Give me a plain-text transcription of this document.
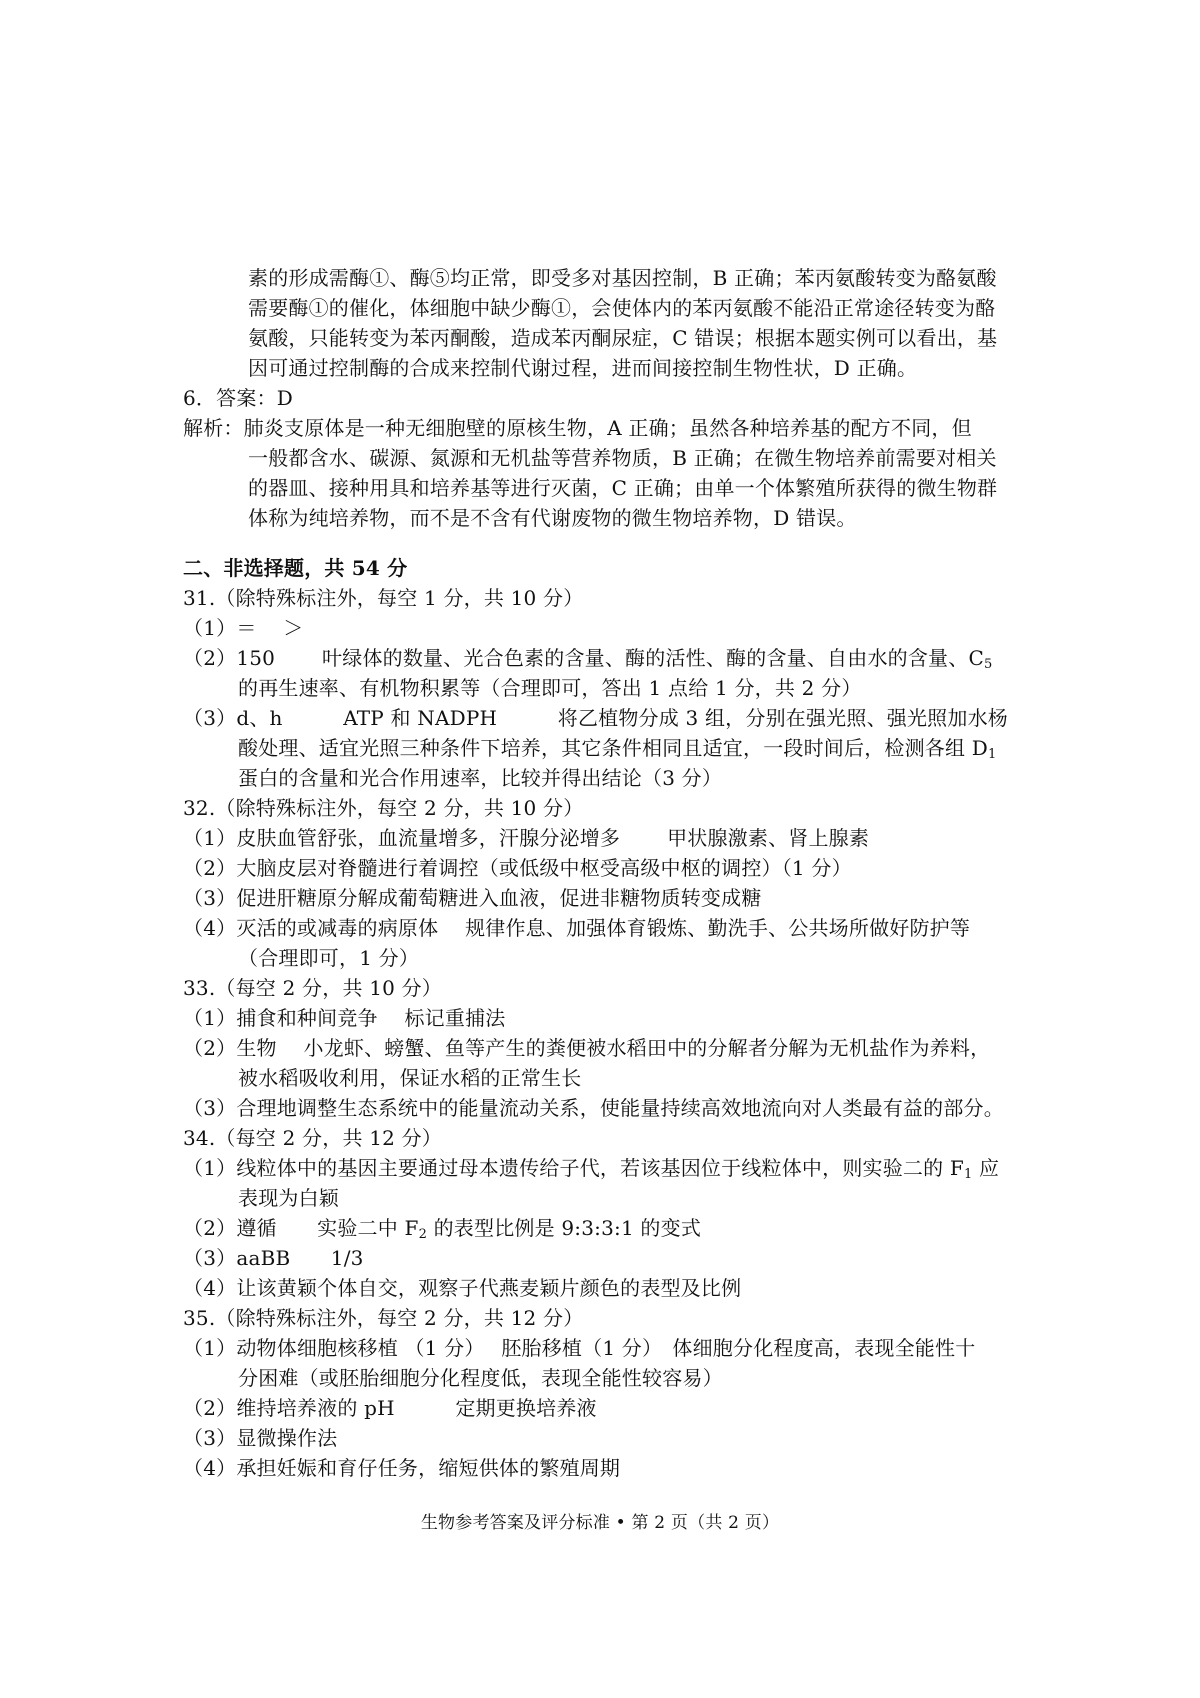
素的形成需酶①、酶⑤均正常，即受多对基因控制，B 正确；苯丙氨酸转变为酪氨酸
需要酶①的催化，体细胞中缺少酶①，会使体内的苯丙氨酸不能沿正常途径转变为酪
氨酸，只能转变为苯丙酮酸，造成苯丙酮尿症，C 错误；根据本题实例可以看出，基
因可通过控制酶的合成来控制代谢过程，进而间接控制生物性状，D 正确。
6．答案：D
解析：肺炎支原体是一种无细胞壁的原核生物，A 正确；虽然各种培养基的配方不同，但
一般都含水、碳源、氮源和无机盐等营养物质，B 正确；在微生物培养前需要对相关
的器皿、接种用具和培养基等进行灭菌，C 正确；由单一个体繁殖所获得的微生物群
体称为纯培养物，而不是不含有代谢废物的微生物培养物，D 错误。
二、非选择题，共 54 分
31.（除特殊标注外，每空 1 分，共 10 分）
（1）＝　 ＞
（2）150　　 叶绿体的数量、光合色素的含量、酶的活性、酶的含量、自由水的含量、$C_5$
的再生速率、有机物积累等（合理即可，答出 1 点给 1 分，共 2 分）
（3）d、h　　　ATP 和 NADPH　　　将乙植物分成 3 组，分别在强光照、强光照加水杨
酸处理、适宜光照三种条件下培养，其它条件相同且适宜，一段时间后，检测各组 $D_1$
蛋白的含量和光合作用速率，比较并得出结论（3 分）
32.（除特殊标注外，每空 2 分，共 10 分）
（1）皮肤血管舒张，血流量增多，汗腺分泌增多　　 甲状腺激素、肾上腺素
（2）大脑皮层对脊髓进行着调控（或低级中枢受高级中枢的调控）（1 分）
（3）促进肝糖原分解成葡萄糖进入血液，促进非糖物质转变成糖
（4）灭活的或减毒的病原体　 规律作息、加强体育锻炼、勤洗手、公共场所做好防护等
（合理即可，1 分）
33.（每空 2 分，共 10 分）
（1）捕食和种间竞争　 标记重捕法
（2）生物　 小龙虾、螃蟹、鱼等产生的粪便被水稻田中的分解者分解为无机盐作为养料，
被水稻吸收利用，保证水稻的正常生长
（3）合理地调整生态系统中的能量流动关系，使能量持续高效地流向对人类最有益的部分。
34.（每空 2 分，共 12 分）
（1）线粒体中的基因主要通过母本遗传给子代，若该基因位于线粒体中，则实验二的 $F_1$ 应
表现为白颖
（2）遵循　　实验二中 $F_2$ 的表型比例是 9:3:3:1 的变式
（3）aaBB　　1/3
（4）让该黄颖个体自交，观察子代燕麦颖片颜色的表型及比例
35.（除特殊标注外，每空 2 分，共 12 分）
（1）动物体细胞核移植 （1 分）　 胚胎移植（1 分）　体细胞分化程度高，表现全能性十
分困难（或胚胎细胞分化程度低，表现全能性较容易）
（2）维持培养液的 pH　　　定期更换培养液
（3）显微操作法
（4）承担妊娠和育仔任务，缩短供体的繁殖周期
生物参考答案及评分标准 • 第 2 页（共 2 页）
